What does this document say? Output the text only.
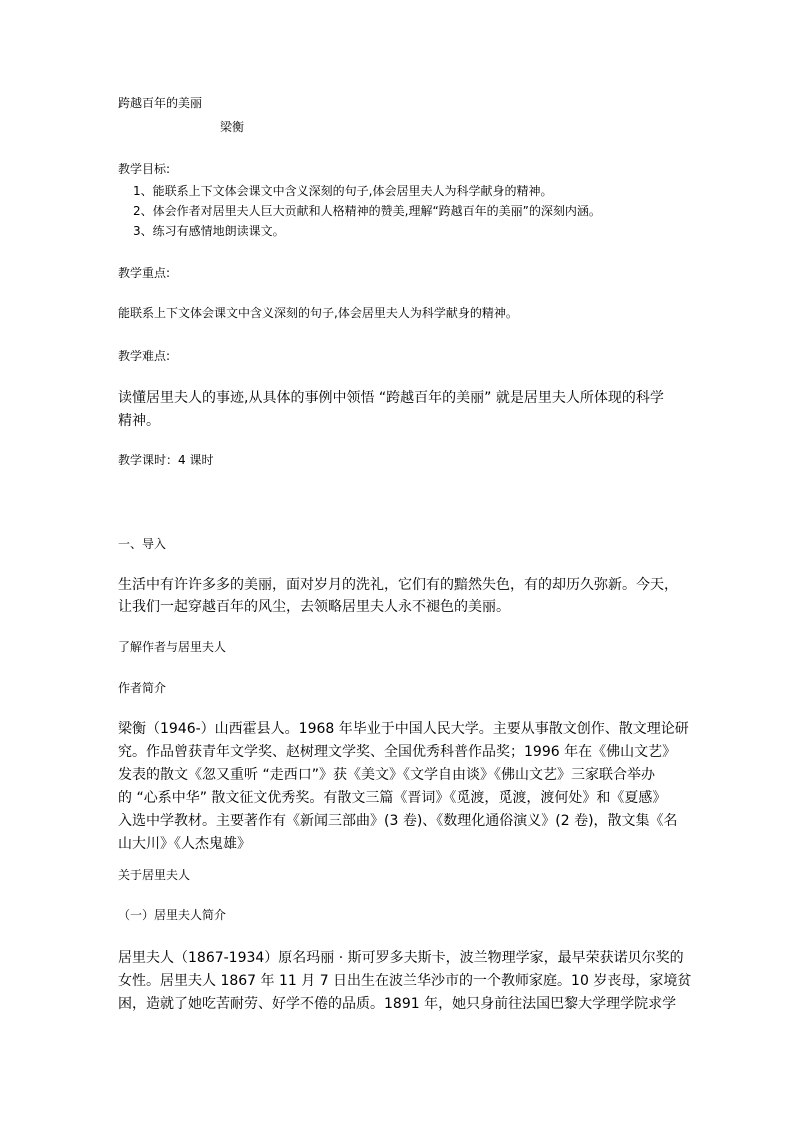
跨越百年的美丽
梁衡
教学目标:
1、能联系上下文体会课文中含义深刻的句子,体会居里夫人为科学献身的精神。
2、体会作者对居里夫人巨大贡献和人格精神的赞美,理解“跨越百年的美丽”的深刻内涵。
3、练习有感情地朗读课文。
教学重点:
能联系上下文体会课文中含义深刻的句子,体会居里夫人为科学献身的精神。
教学难点:
读懂居里夫人的事迹,从具体的事例中领悟 “跨越百年的美丽” 就是居里夫人所体现的科学
精神。
教学课时：4 课时
一、导入
生活中有许许多多的美丽，面对岁月的洗礼，它们有的黯然失色，有的却历久弥新。今天，
让我们一起穿越百年的风尘，去领略居里夫人永不褪色的美丽。
了解作者与居里夫人
作者简介
梁衡（1946-）山西霍县人。1968 年毕业于中国人民大学。主要从事散文创作、散文理论研
究。作品曾获青年文学奖、赵树理文学奖、全国优秀科普作品奖；1996 年在《佛山文艺》
发表的散文《忽又重听 “走西口”》获《美文》《文学自由谈》《佛山文艺》三家联合举办
的 “心系中华” 散文征文优秀奖。有散文三篇《晋词》《觅渡，觅渡，渡何处》和《夏感》
入选中学教材。主要著作有《新闻三部曲》(3 卷)、《数理化通俗演义》(2 卷)，散文集《名
山大川》《人杰鬼雄》
关于居里夫人
（一）居里夫人简介
居里夫人（1867-1934）原名玛丽 · 斯可罗多夫斯卡，波兰物理学家，最早荣获诺贝尔奖的
女性。居里夫人 1867 年 11 月 7 日出生在波兰华沙市的一个教师家庭。10 岁丧母，家境贫
困，造就了她吃苦耐劳、好学不倦的品质。1891 年，她只身前往法国巴黎大学理学院求学
